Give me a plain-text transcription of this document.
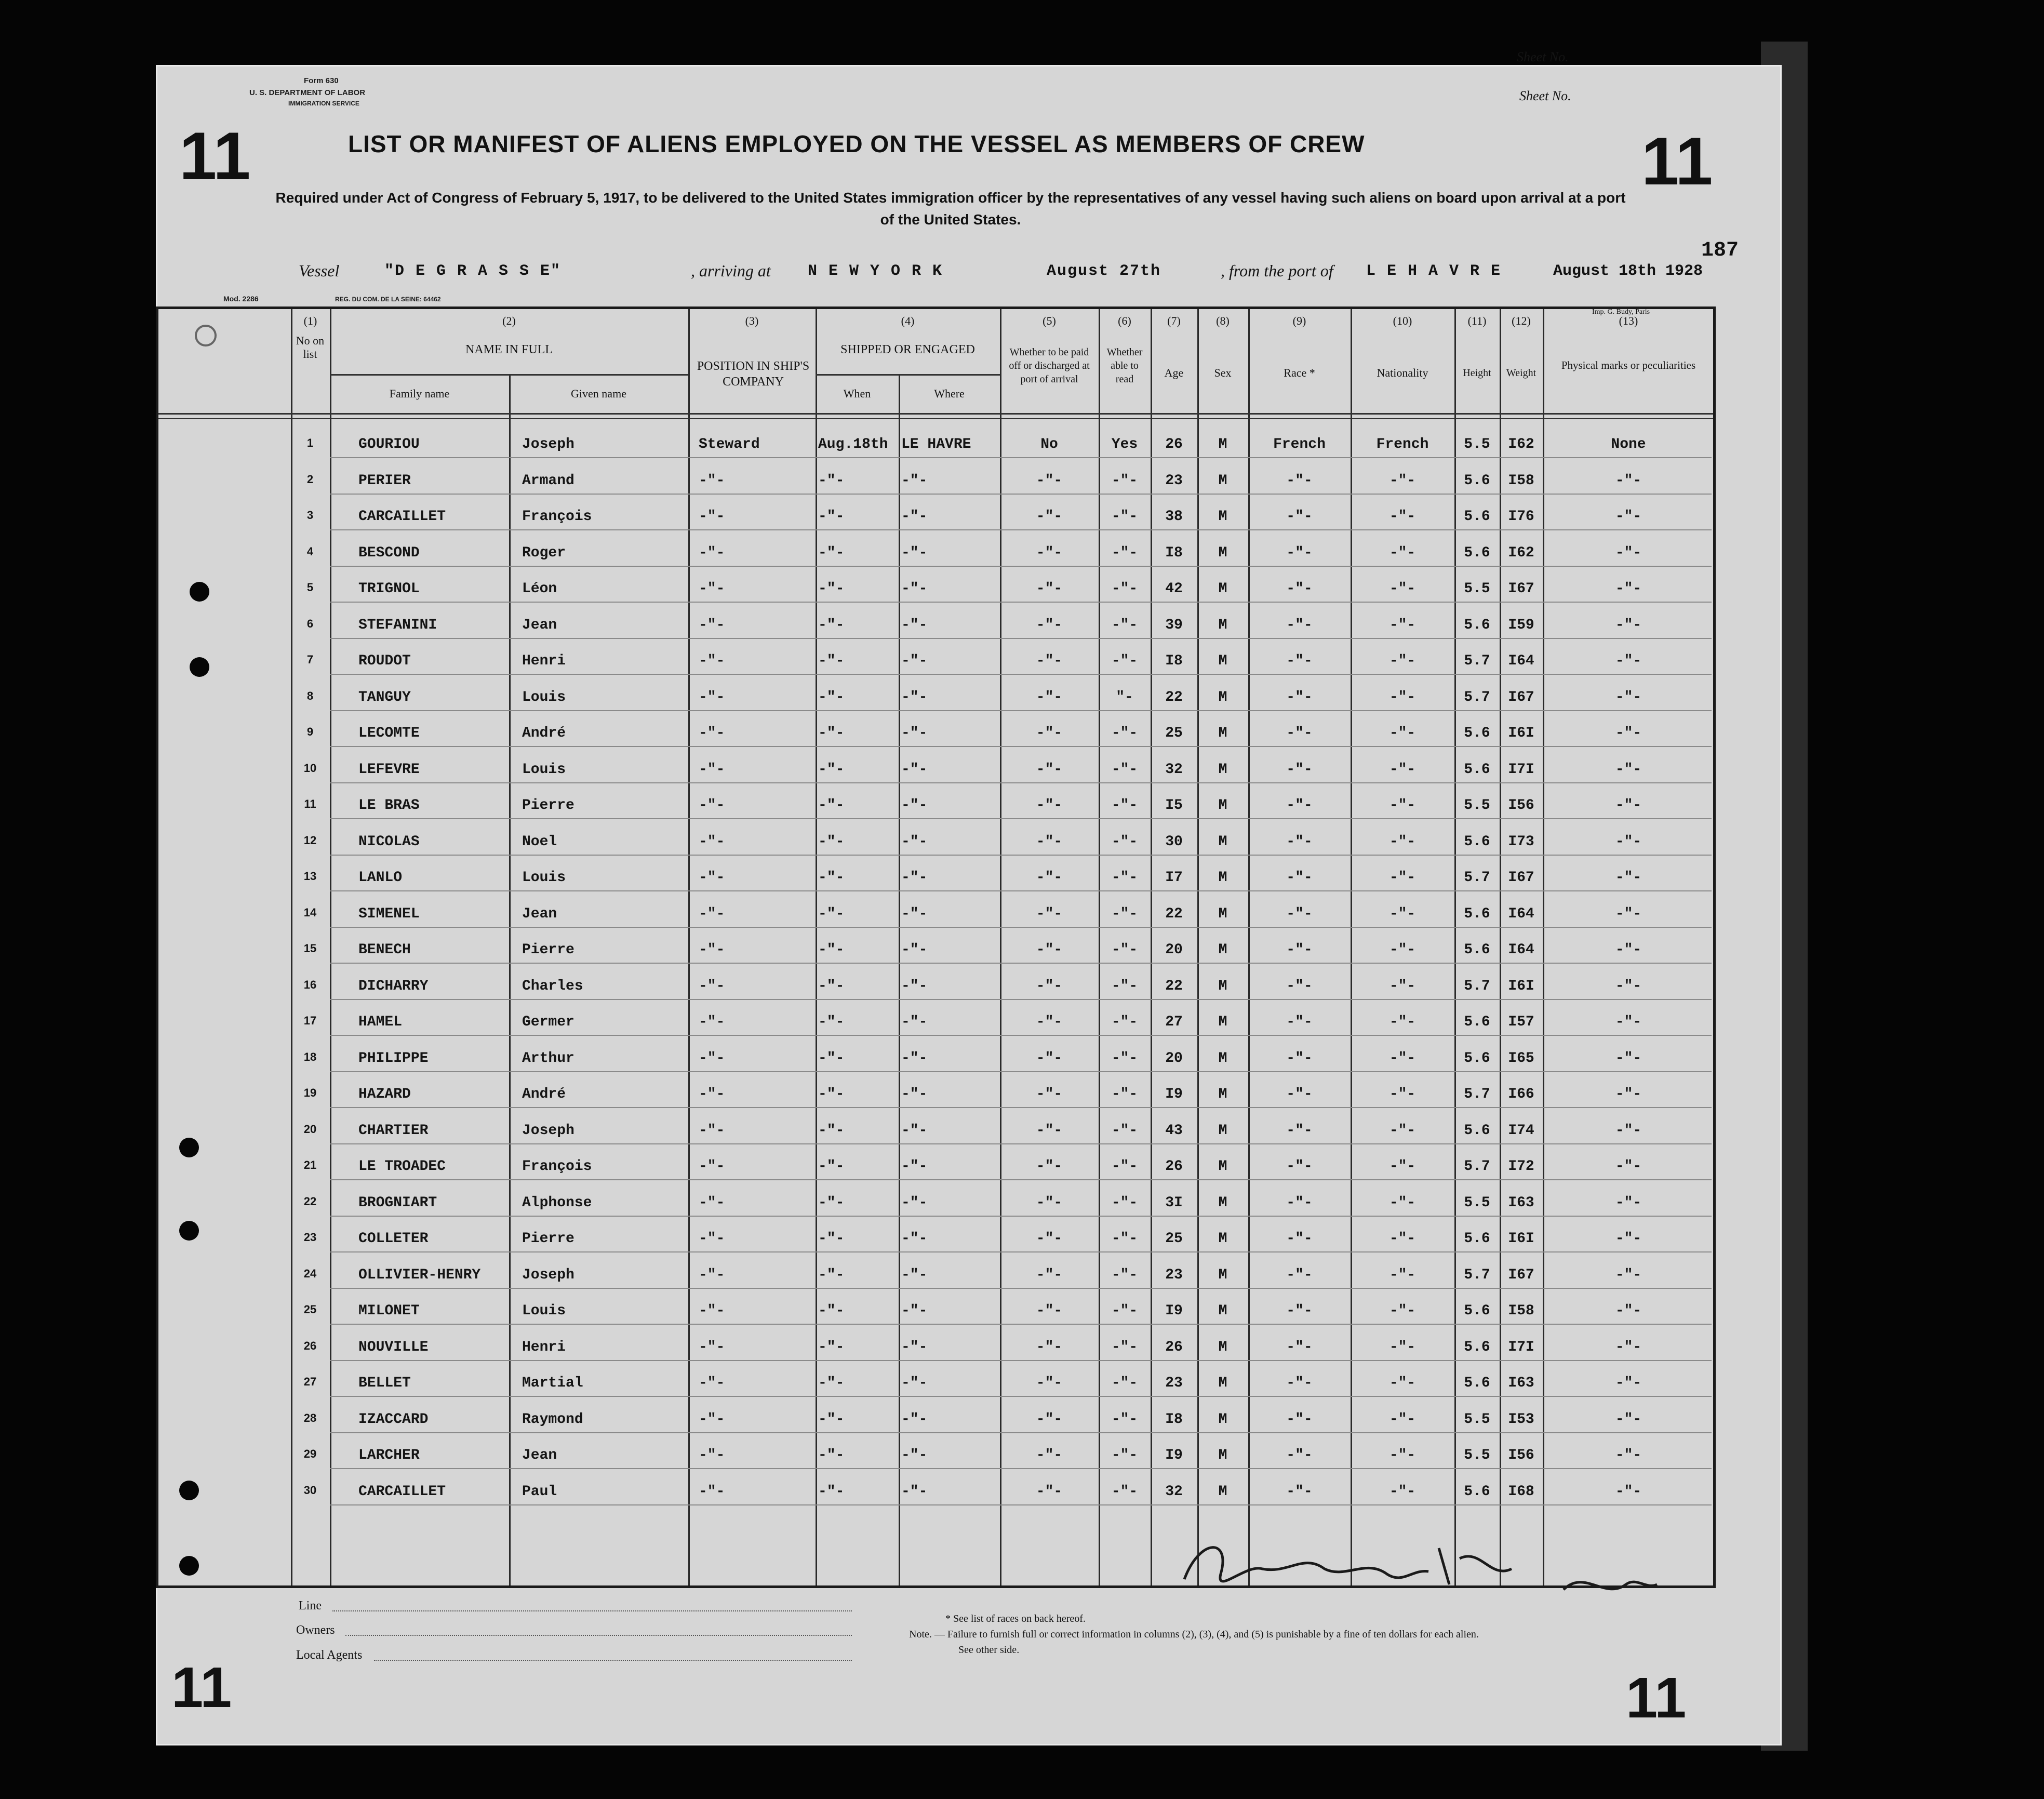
Form 630
U. S. DEPARTMENT OF LABOR
IMMIGRATION SERVICE
Sheet No.
Sheet No.
11	11
LIST OR MANIFEST OF ALIENS EMPLOYED ON THE VESSEL AS MEMBERS OF CREW
Required under Act of Congress of February 5, 1917, to be delivered to the United States immigration officer by the representatives of any vessel having such aliens on board upon arrival at a port of the United States.
187
Vessel	"D E G R A S S E"	, arriving at N E W Y O R K	August 27th	, from the port of L E H A V R E	August 18th 1928
Mod. 2286	REG. DU COM. DE LA SEINE: 64462
Imp. G. Budy, Paris
(1)
No on list
(2)
NAME IN FULL
Family name	Given name
(3)
POSITION IN SHIP'S COMPANY
(4)
SHIPPED OR ENGAGED
When	Where
(5)
Whether to be paid off or discharged at port of arrival
(6)
Whether able to read
(7)
Age
(8)
Sex
(9)
Race *
(10)
Nationality
(11)
Height
(12)
Weight
(13)
Physical marks or peculiarities
1	GOURIOU	Joseph	Steward	Aug.18th LE HAVRE	No	Yes	26	M	French	French	5.5	I62	None
2	PERIER	Armand	-"-	-"-	-"-	-"-	-"-	23	M	-"-	-"-	5.6	I58	-"-
3	CARCAILLET	François	-"-	-"-	-"-	-"-	-"-	38	M	-"-	-"-	5.6	I76	-"-
4	BESCOND	Roger	-"-	-"-	-"-	-"-	-"-	I8	M	-"-	-"-	5.6	I62	-"-
5	TRIGNOL	Léon	-"-	-"-	-"-	-"-	-"-	42	M	-"-	-"-	5.5	I67	-"-
6	STEFANINI	Jean	-"-	-"-	-"-	-"-	-"-	39	M	-"-	-"-	5.6	I59	-"-
7	ROUDOT	Henri	-"-	-"-	-"-	-"-	-"-	I8	M	-"-	-"-	5.7	I64	-"-
8	TANGUY	Louis	-"-	-"-	-"-	-"-	"-	22	M	-"-	-"-	5.7	I67	-"-
9	LECOMTE	André	-"-	-"-	-"-	-"-	-"-	25	M	-"-	-"-	5.6	I6I	-"-
10	LEFEVRE	Louis	-"-	-"-	-"-	-"-	-"-	32	M	-"-	-"-	5.6	I7I	-"-
11	LE BRAS	Pierre	-"-	-"-	-"-	-"-	-"-	I5	M	-"-	-"-	5.5	I56	-"-
12	NICOLAS	Noel	-"-	-"-	-"-	-"-	-"-	30	M	-"-	-"-	5.6	I73	-"-
13	LANLO	Louis	-"-	-"-	-"-	-"-	-"-	I7	M	-"-	-"-	5.7	I67	-"-
14	SIMENEL	Jean	-"-	-"-	-"-	-"-	-"-	22	M	-"-	-"-	5.6	I64	-"-
15	BENECH	Pierre	-"-	-"-	-"-	-"-	-"-	20	M	-"-	-"-	5.6	I64	-"-
16	DICHARRY	Charles	-"-	-"-	-"-	-"-	-"-	22	M	-"-	-"-	5.7	I6I	-"-
17	HAMEL	Germer	-"-	-"-	-"-	-"-	-"-	27	M	-"-	-"-	5.6	I57	-"-
18	PHILIPPE	Arthur	-"-	-"-	-"-	-"-	-"-	20	M	-"-	-"-	5.6	I65	-"-
19	HAZARD	André	-"-	-"-	-"-	-"-	-"-	I9	M	-"-	-"-	5.7	I66	-"-
20	CHARTIER	Joseph	-"-	-"-	-"-	-"-	-"-	43	M	-"-	-"-	5.6	I74	-"-
21	LE TROADEC	François	-"-	-"-	-"-	-"-	-"-	26	M	-"-	-"-	5.7	I72	-"-
22	BROGNIART	Alphonse	-"-	-"-	-"-	-"-	-"-	3I	M	-"-	-"-	5.5	I63	-"-
23	COLLETER	Pierre	-"-	-"-	-"-	-"-	-"-	25	M	-"-	-"-	5.6	I6I	-"-
24	OLLIVIER-HENRY	Joseph	-"-	-"-	-"-	-"-	-"-	23	M	-"-	-"-	5.7	I67	-"-
25	MILONET	Louis	-"-	-"-	-"-	-"-	-"-	I9	M	-"-	-"-	5.6	I58	-"-
26	NOUVILLE	Henri	-"-	-"-	-"-	-"-	-"-	26	M	-"-	-"-	5.6	I7I	-"-
27	BELLET	Martial	-"-	-"-	-"-	-"-	-"-	23	M	-"-	-"-	5.6	I63	-"-
28	IZACCARD	Raymond	-"-	-"-	-"-	-"-	-"-	I8	M	-"-	-"-	5.5	I53	-"-
29	LARCHER	Jean	-"-	-"-	-"-	-"-	-"-	I9	M	-"-	-"-	5.5	I56	-"-
30	CARCAILLET	Paul	-"-	-"-	-"-	-"-	-"-	32	M	-"-	-"-	5.6	I68	-"-
Line
Owners
Local Agents
* See list of races on back hereof.
Note. — Failure to furnish full or correct information in columns (2), (3), (4), and (5) is punishable by a fine of ten dollars for each alien.
See other side.
11	11
